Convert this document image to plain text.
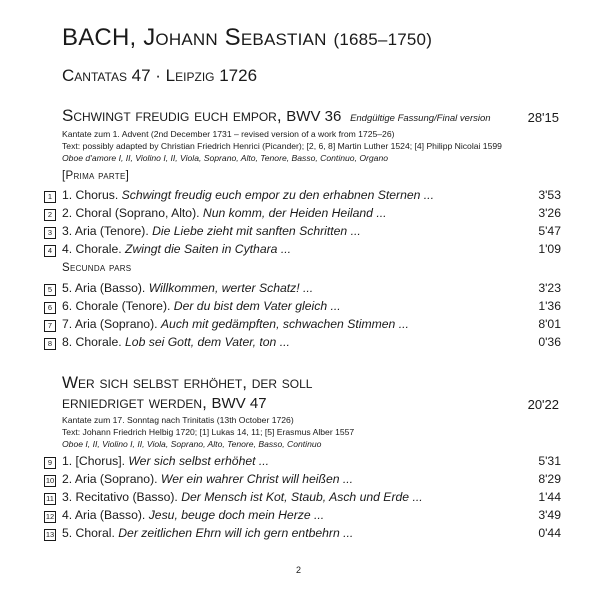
BACH, Johann Sebastian (1685–1750)
Cantatas 47 · Leipzig 1726
Schwingt freudig euch empor, BWV 36 Endgültige Fassung/Final version	28'15
Kantate zum 1. Advent (2nd December 1731 – revised version of a work from 1725–26)
Text: possibly adapted by Christian Friedrich Henrici (Picander); [2, 6, 8] Martin Luther 1524; [4] Philipp Nicolai 1599
Oboe d'amore I, II, Violino I, II, Viola, Soprano, Alto, Tenore, Basso, Continuo, Organo
[Prima parte]
1 1. Chorus. Schwingt freudig euch empor zu den erhabnen Sternen ...	3'53
2 2. Choral (Soprano, Alto). Nun komm, der Heiden Heiland ...	3'26
3 3. Aria (Tenore). Die Liebe zieht mit sanften Schritten ...	5'47
4 4. Chorale. Zwingt die Saiten in Cythara ...	1'09
Secunda pars
5 5. Aria (Basso). Willkommen, werter Schatz! ...	3'23
6 6. Chorale (Tenore). Der du bist dem Vater gleich ...	1'36
7 7. Aria (Soprano). Auch mit gedämpften, schwachen Stimmen ...	8'01
8 8. Chorale. Lob sei Gott, dem Vater, ton ...	0'36
Wer sich selbst erhöhet, der soll
erniedriget werden, BWV 47	20'22
Kantate zum 17. Sonntag nach Trinitatis (13th October 1726)
Text: Johann Friedrich Helbig 1720; [1] Lukas 14, 11; [5] Erasmus Alber 1557
Oboe I, II, Violino I, II, Viola, Soprano, Alto, Tenore, Basso, Continuo
9 1. [Chorus]. Wer sich selbst erhöhet ...	5'31
10 2. Aria (Soprano). Wer ein wahrer Christ will heißen ...	8'29
11 3. Recitativo (Basso). Der Mensch ist Kot, Staub, Asch und Erde ...	1'44
12 4. Aria (Basso). Jesu, beuge doch mein Herze ...	3'49
13 5. Choral. Der zeitlichen Ehrn will ich gern entbehrn ...	0'44
2
